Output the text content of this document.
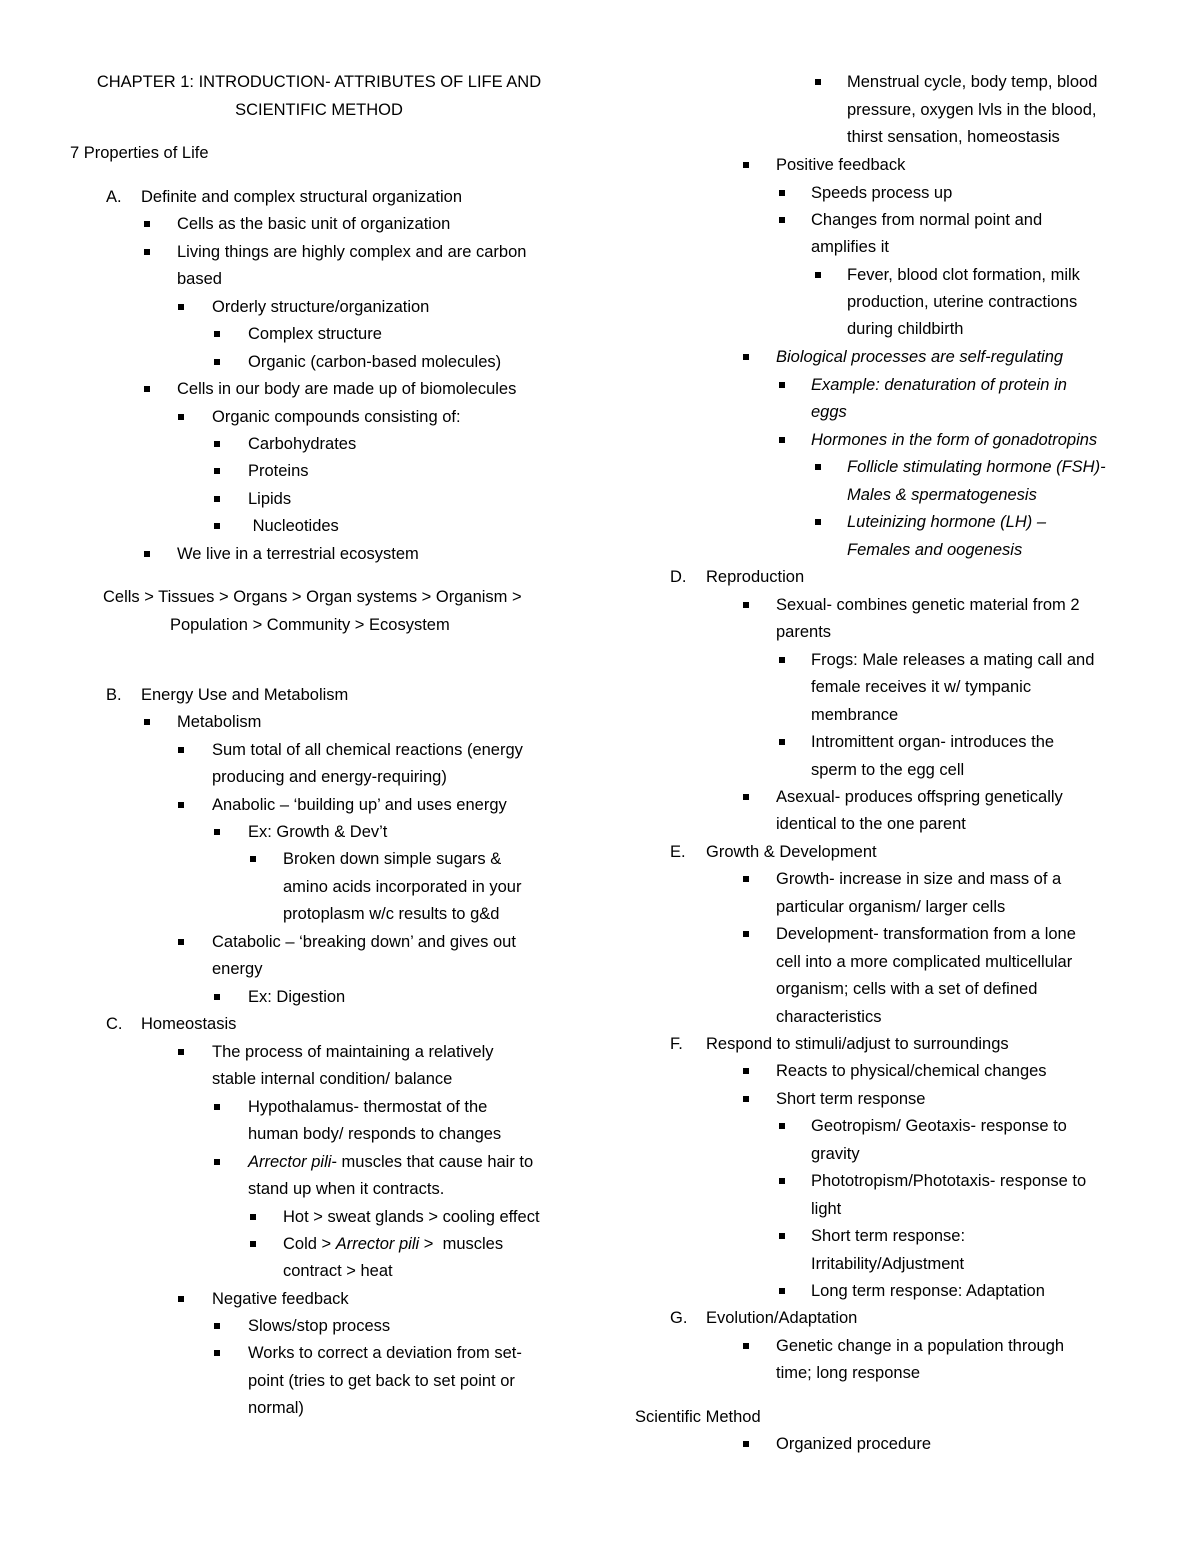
CHAPTER 1: INTRODUCTION- ATTRIBUTES OF LIFE AND
SCIENTIFIC METHOD
7 Properties of Life
A. Definite and complex structural organization
Cells as the basic unit of organization
Living things are highly complex and are carbon
based
Orderly structure/organization
Complex structure
Organic (carbon-based molecules)
Cells in our body are made up of biomolecules
Organic compounds consisting of:
Carbohydrates
Proteins
Lipids
Nucleotides
We live in a terrestrial ecosystem
Cells > Tissues > Organs > Organ systems > Organism >
Population > Community > Ecosystem
B. Energy Use and Metabolism
Metabolism
Sum total of all chemical reactions (energy
producing and energy-requiring)
Anabolic – ‘building up’ and uses energy
Ex: Growth & Dev’t
Broken down simple sugars &
amino acids incorporated in your
protoplasm w/c results to g&d
Catabolic – ‘breaking down’ and gives out
energy
Ex: Digestion
C. Homeostasis
The process of maintaining a relatively
stable internal condition/ balance
Hypothalamus- thermostat of the
human body/ responds to changes
Arrector pili- muscles that cause hair to
stand up when it contracts.
Hot > sweat glands > cooling effect
Cold > Arrector pili >  muscles
contract > heat
Negative feedback
Slows/stop process
Works to correct a deviation from set-
point (tries to get back to set point or
normal)
Menstrual cycle, body temp, blood
pressure, oxygen lvls in the blood,
thirst sensation, homeostasis
Positive feedback
Speeds process up
Changes from normal point and
amplifies it
Fever, blood clot formation, milk
production, uterine contractions
during childbirth
Biological processes are self-regulating
Example: denaturation of protein in
eggs
Hormones in the form of gonadotropins
Follicle stimulating hormone (FSH)-
Males & spermatogenesis
Luteinizing hormone (LH) –
Females and oogenesis
D. Reproduction
Sexual- combines genetic material from 2
parents
Frogs: Male releases a mating call and
female receives it w/ tympanic
membrance
Intromittent organ- introduces the
sperm to the egg cell
Asexual- produces offspring genetically
identical to the one parent
E. Growth & Development
Growth- increase in size and mass of a
particular organism/ larger cells
Development- transformation from a lone
cell into a more complicated multicellular
organism; cells with a set of defined
characteristics
F. Respond to stimuli/adjust to surroundings
Reacts to physical/chemical changes
Short term response
Geotropism/ Geotaxis- response to
gravity
Phototropism/Phototaxis- response to
light
Short term response:
Irritability/Adjustment
Long term response: Adaptation
G. Evolution/Adaptation
Genetic change in a population through
time; long response
Scientific Method
Organized procedure
